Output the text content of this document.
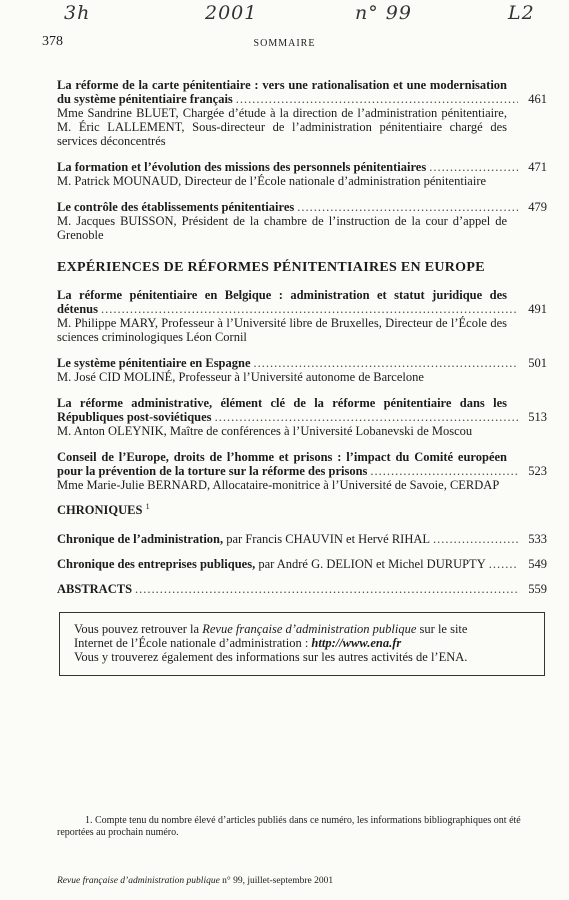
3h	2001	n° 99	L2
378	SOMMAIRE
La réforme de la carte pénitentiaire : vers une rationalisation et une modernisation
du système pénitentiaire français .....	461
Mme Sandrine BLUET, Chargée d’étude à la direction de l’administration pénitentiaire,
M. Éric LALLEMENT, Sous-directeur de l’administration pénitentiaire chargé des
services déconcentrés
La formation et l’évolution des missions des personnels pénitentiaires .....	471
M. Patrick MOUNAUD, Directeur de l’École nationale d’administration pénitentiaire
Le contrôle des établissements pénitentiaires .....	479
M. Jacques BUISSON, Président de la chambre de l’instruction de la cour d’appel de
Grenoble
EXPÉRIENCES DE RÉFORMES PÉNITENTIAIRES EN EUROPE
La réforme pénitentiaire en Belgique : administration et statut juridique des
détenus .....	491
M. Philippe MARY, Professeur à l’Université libre de Bruxelles, Directeur de l’École des
sciences criminologiques Léon Cornil
Le système pénitentiaire en Espagne .....	501
M. José CID MOLINÉ, Professeur à l’Université autonome de Barcelone
La réforme administrative, élément clé de la réforme pénitentiaire dans les
Républiques post-soviétiques .....	513
M. Anton OLEYNIK, Maître de conférences à l’Université Lobanevski de Moscou
Conseil de l’Europe, droits de l’homme et prisons : l’impact du Comité européen
pour la prévention de la torture sur la réforme des prisons .....	523
Mme Marie-Julie BERNARD, Allocataire-monitrice à l’Université de Savoie, CERDAP
CHRONIQUES $^1$
Chronique de l’administration, par Francis CHAUVIN et Hervé RIHAL .....	533
Chronique des entreprises publiques, par André G. DELION et Michel DURUPTY .....	549
ABSTRACTS .....	559
Vous pouvez retrouver la Revue française d’administration publique sur le site
Internet de l’École nationale d’administration : http://www.ena.fr
Vous y trouverez également des informations sur les autres activités de l’ENA.
1. Compte tenu du nombre élevé d’articles publiés dans ce numéro, les informations bibliographiques ont été reportées au prochain numéro.
Revue française d’administration publique n° 99, juillet-septembre 2001
